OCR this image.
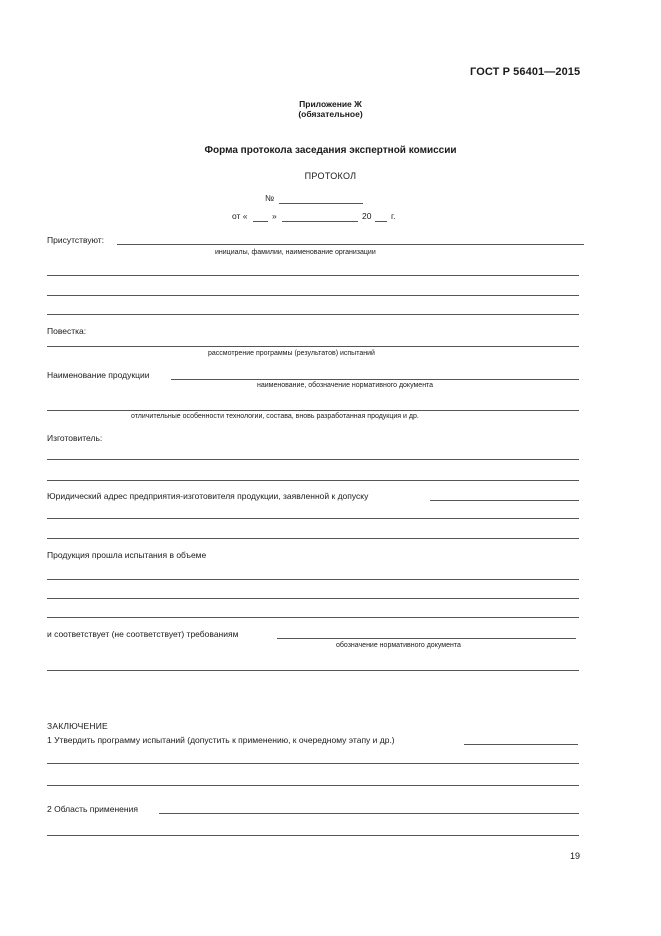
ГОСТ Р 56401—2015
Приложение Ж
(обязательное)
Форма протокола заседания экспертной комиссии
ПРОТОКОЛ
№
от «	»	20 г.
Присутствуют:
инициалы, фамилии, наименование организации
Повестка:
рассмотрение программы (результатов) испытаний
Наименование продукции
наименование, обозначение нормативного документа
отличительные особенности технологии, состава, вновь разработанная продукция и др.
Изготовитель:
Юридический адрес предприятия-изготовителя продукции, заявленной к допуску
Продукция прошла испытания в объеме
и соответствует (не соответствует) требованиям
обозначение нормативного документа
ЗАКЛЮЧЕНИЕ
1 Утвердить программу испытаний (допустить к применению, к очередному этапу и др.)
2 Область применения
19
